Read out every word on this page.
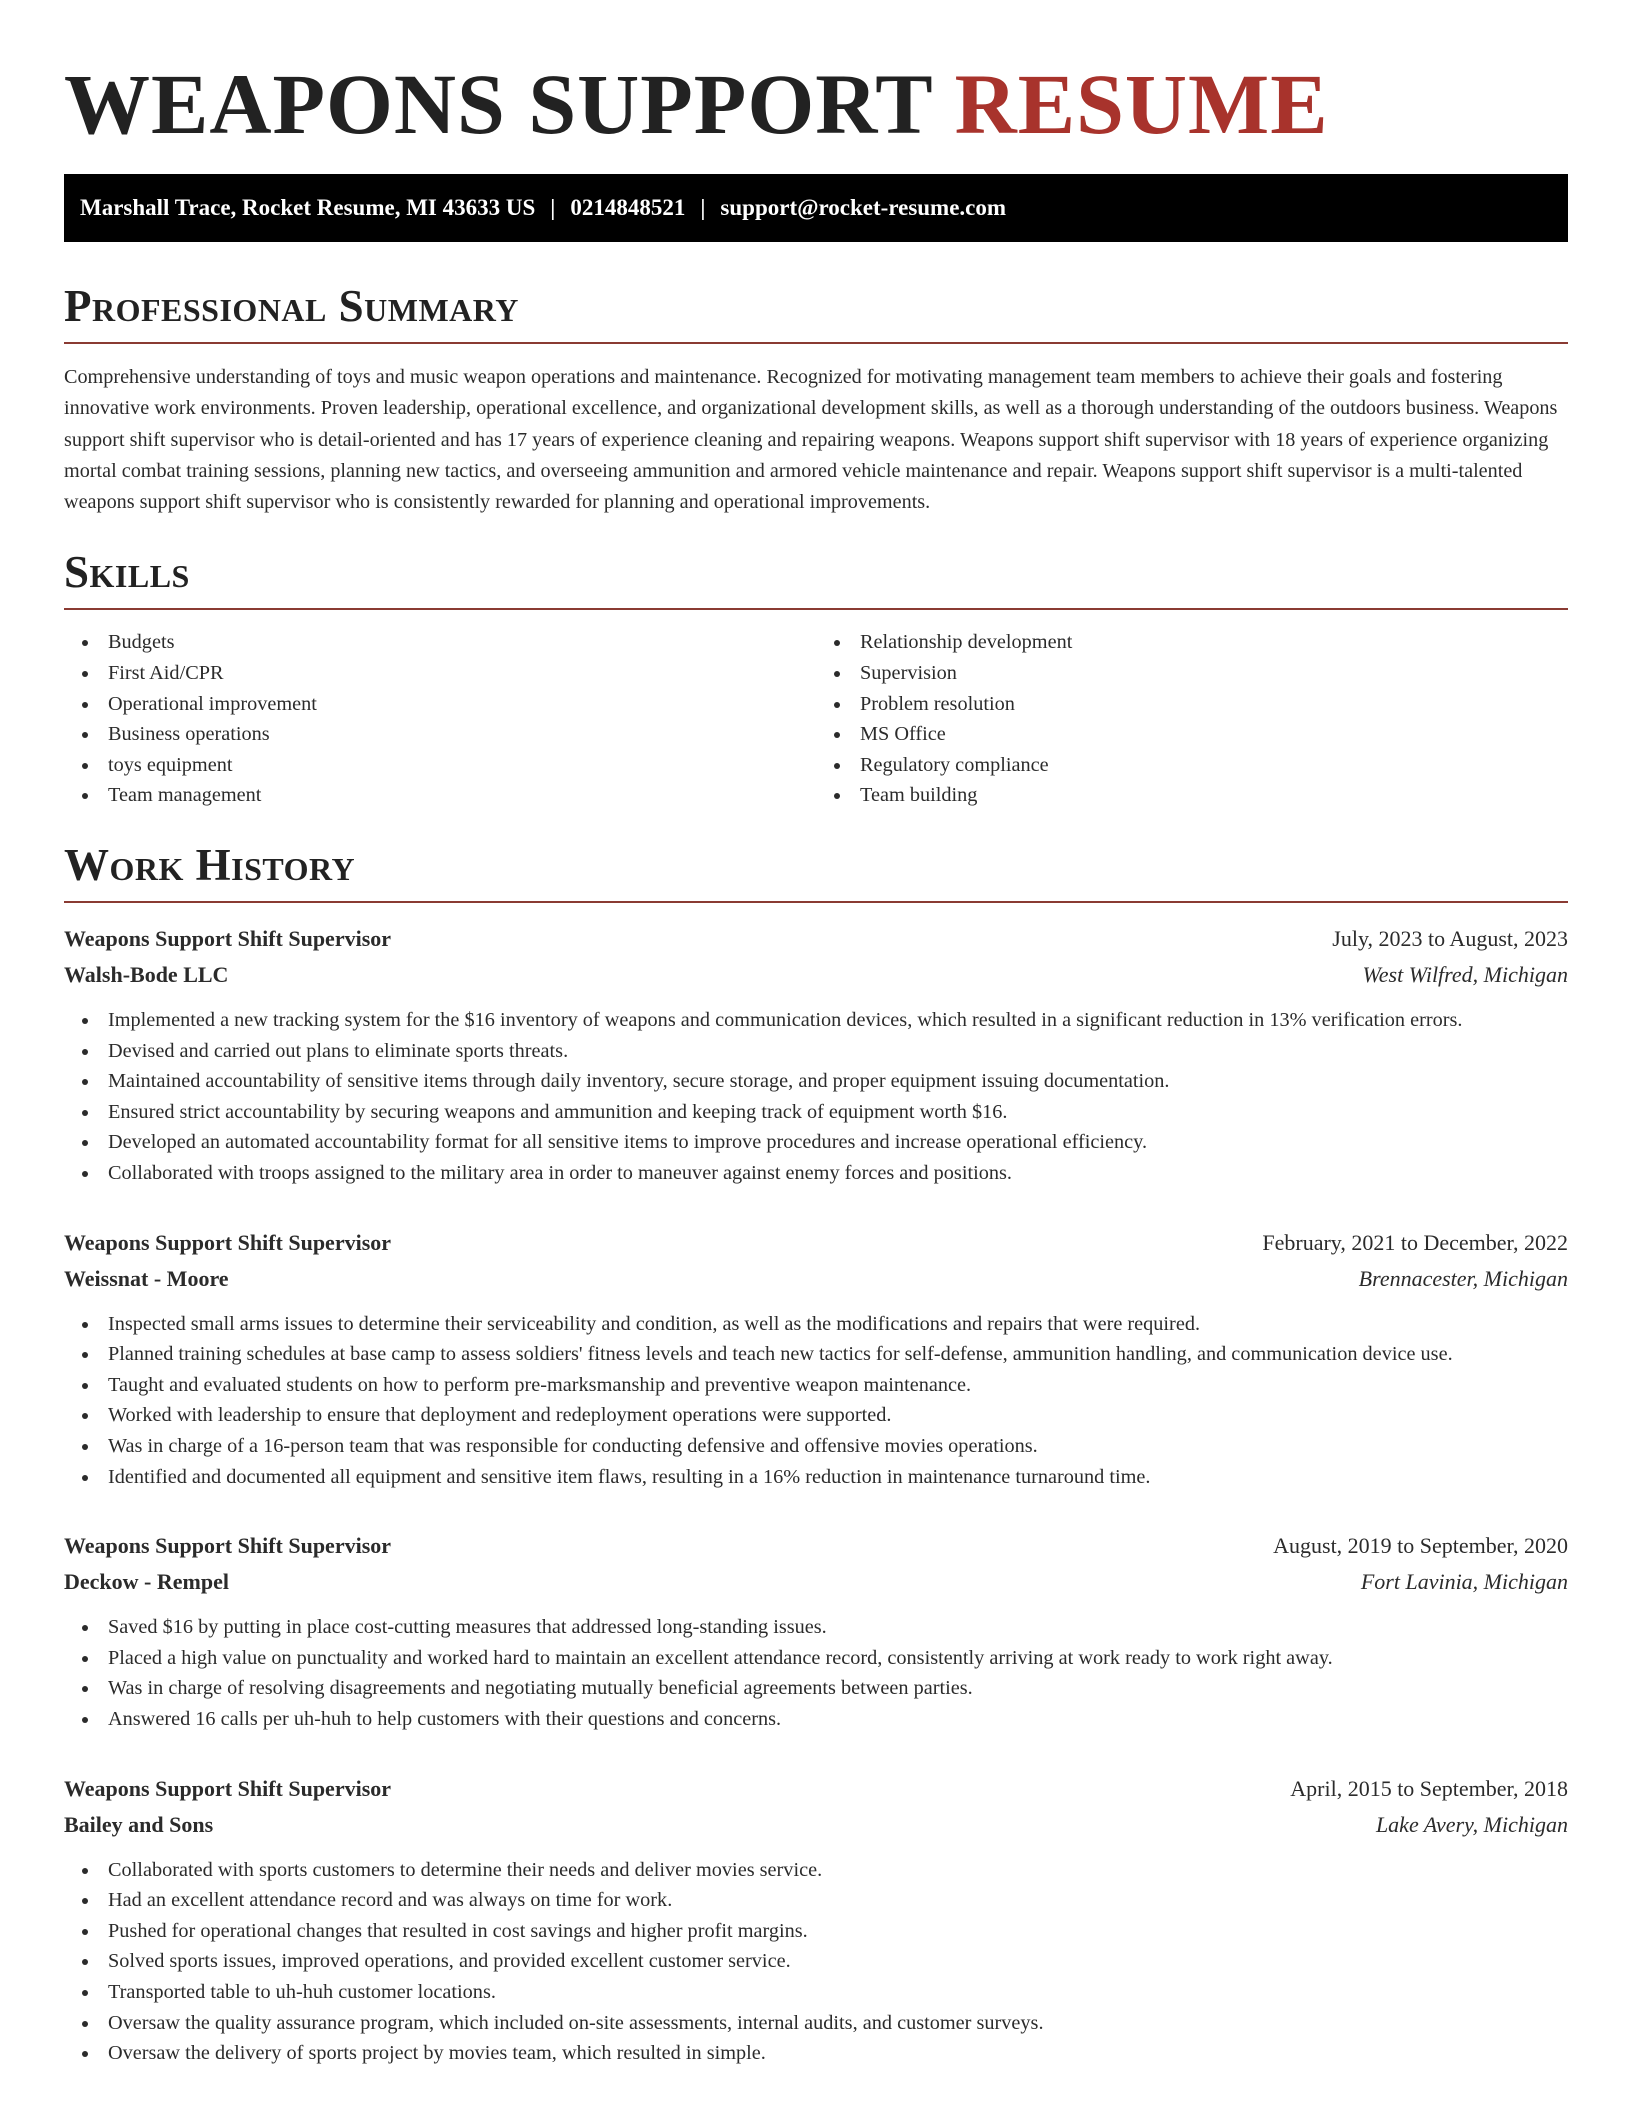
WEAPONS SUPPORT RESUME
Marshall Trace, Rocket Resume, MI 43633 US | 0214848521 | support@rocket-resume.com
Professional Summary

Comprehensive understanding of toys and music weapon operations and maintenance. Recognized for motivating management team members to achieve their goals and fostering innovative work environments. Proven leadership, operational excellence, and organizational development skills, as well as a thorough understanding of the outdoors business. Weapons support shift supervisor who is detail-oriented and has 17 years of experience cleaning and repairing weapons. Weapons support shift supervisor with 18 years of experience organizing mortal combat training sessions, planning new tactics, and overseeing ammunition and armored vehicle maintenance and repair. Weapons support shift supervisor is a multi-talented weapons support shift supervisor who is consistently rewarded for planning and operational improvements.

Skills
Budgets
First Aid/CPR
Operational improvement
Business operations
toys equipment
Team management
Relationship development
Supervision
Problem resolution
MS Office
Regulatory compliance
Team building
Work History
Weapons Support Shift Supervisor	July, 2023 to August, 2023
Walsh-Bode LLC	West Wilfred, Michigan
Implemented a new tracking system for the $16 inventory of weapons and communication devices, which resulted in a significant reduction in 13% verification errors.
Devised and carried out plans to eliminate sports threats.
Maintained accountability of sensitive items through daily inventory, secure storage, and proper equipment issuing documentation.
Ensured strict accountability by securing weapons and ammunition and keeping track of equipment worth $16.
Developed an automated accountability format for all sensitive items to improve procedures and increase operational efficiency.
Collaborated with troops assigned to the military area in order to maneuver against enemy forces and positions.
Weapons Support Shift Supervisor	February, 2021 to December, 2022
Weissnat - Moore	Brennacester, Michigan
Inspected small arms issues to determine their serviceability and condition, as well as the modifications and repairs that were required.
Planned training schedules at base camp to assess soldiers' fitness levels and teach new tactics for self-defense, ammunition handling, and communication device use.
Taught and evaluated students on how to perform pre-marksmanship and preventive weapon maintenance.
Worked with leadership to ensure that deployment and redeployment operations were supported.
Was in charge of a 16-person team that was responsible for conducting defensive and offensive movies operations.
Identified and documented all equipment and sensitive item flaws, resulting in a 16% reduction in maintenance turnaround time.
Weapons Support Shift Supervisor	August, 2019 to September, 2020
Deckow - Rempel	Fort Lavinia, Michigan
Saved $16 by putting in place cost-cutting measures that addressed long-standing issues.
Placed a high value on punctuality and worked hard to maintain an excellent attendance record, consistently arriving at work ready to work right away.
Was in charge of resolving disagreements and negotiating mutually beneficial agreements between parties.
Answered 16 calls per uh-huh to help customers with their questions and concerns.
Weapons Support Shift Supervisor	April, 2015 to September, 2018
Bailey and Sons	Lake Avery, Michigan
Collaborated with sports customers to determine their needs and deliver movies service.
Had an excellent attendance record and was always on time for work.
Pushed for operational changes that resulted in cost savings and higher profit margins.
Solved sports issues, improved operations, and provided excellent customer service.
Transported table to uh-huh customer locations.
Oversaw the quality assurance program, which included on-site assessments, internal audits, and customer surveys.
Oversaw the delivery of sports project by movies team, which resulted in simple.
